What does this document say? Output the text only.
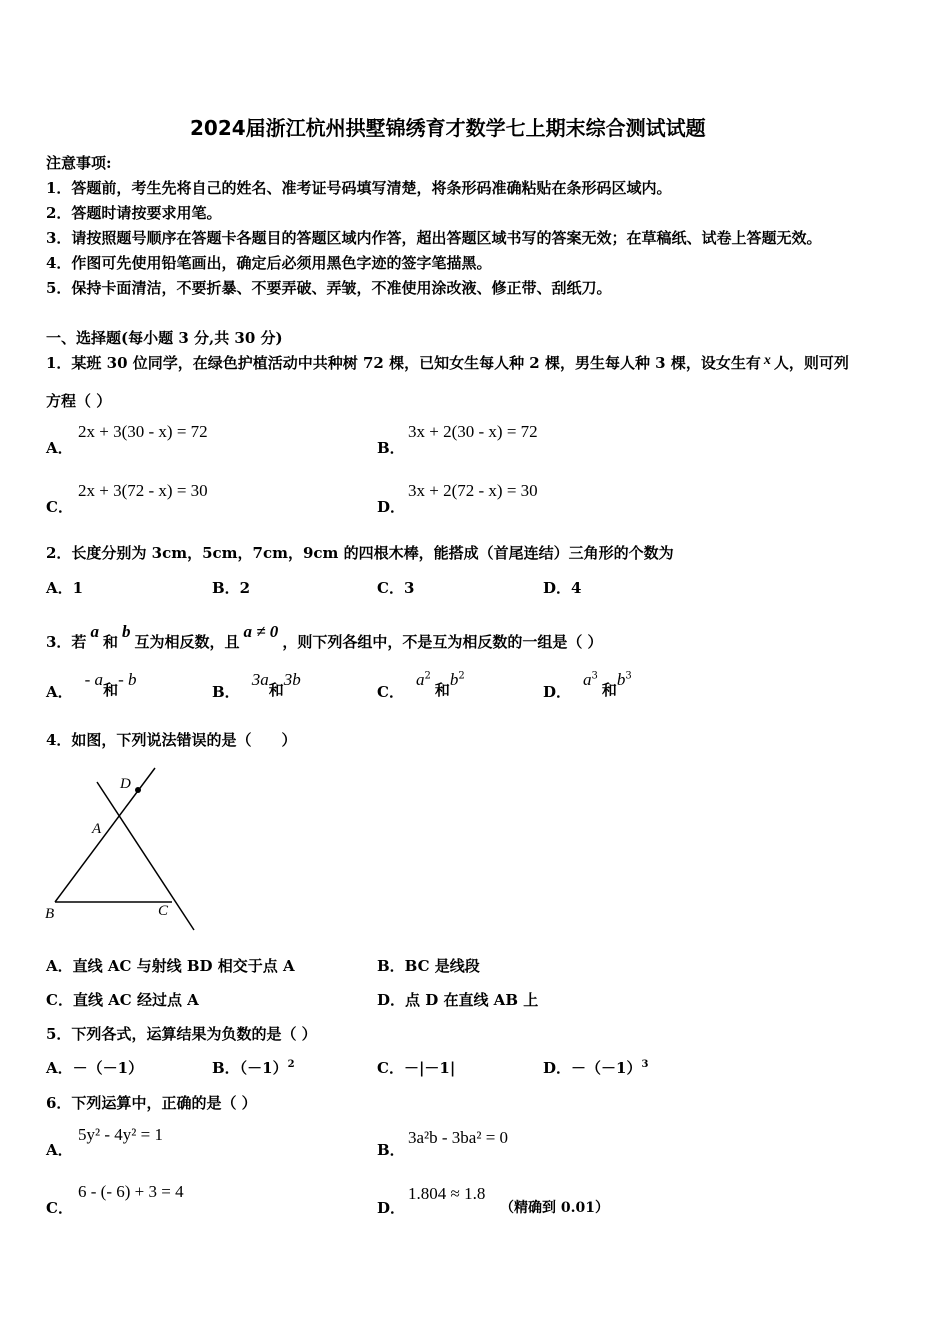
2024届浙江杭州拱墅锦绣育才数学七上期末综合测试试题
注意事项:
1．答题前，考生先将自己的姓名、准考证号码填写清楚，将条形码准确粘贴在条形码区域内。
2．答题时请按要求用笔。
3．请按照题号顺序在答题卡各题目的答题区域内作答，超出答题区域书写的答案无效；在草稿纸、试卷上答题无效。
4．作图可先使用铅笔画出，确定后必须用黑色字迹的签字笔描黑。
5．保持卡面清洁，不要折暴、不要弄破、弄皱，不准使用涂改液、修正带、刮纸刀。
一、选择题(每小题 3 分,共 30 分)
1．某班 30 位同学，在绿色护植活动中共种树 72 棵，已知女生每人种 2 棵，男生每人种 3 棵，设女生有 x 人，则可列
方程（ ）
A．
2x + 3(30 - x) = 72
B．
3x + 2(30 - x) = 72
C．
2x + 3(72 - x) = 30
D．
3x + 2(72 - x) = 30
2．长度分别为 3cm，5cm，7cm，9cm 的四根木棒，能搭成（首尾连结）三角形的个数为
A．1	B．2	C．3	D．4
3．若a和b互为相反数，且a ≠ 0，则下列各组中，不是互为相反数的一组是（ ）
A．- a和- b
B．3a和3b
C．$a^2$和$b^2$
D．$a^3$和$b^3$
4．如图，下列说法错误的是（　　）
D
A
B	C
A．直线 AC 与射线 BD 相交于点 A	B．BC 是线段
C．直线 AC 经过点 A	D．点 D 在直线 AB 上
5．下列各式，运算结果为负数的是（ ）
A．－（－1）	B．$(-1)^2$	C．－|－1|	D．$-(-1)^3$
6．下列运算中，正确的是（ ）
A．
5y² - 4y² = 1
B．
3a²b - 3ba² = 0
C．
6 - (- 6) + 3 = 4
D．
1.804 ≈ 1.8
（精确到 0.01）
